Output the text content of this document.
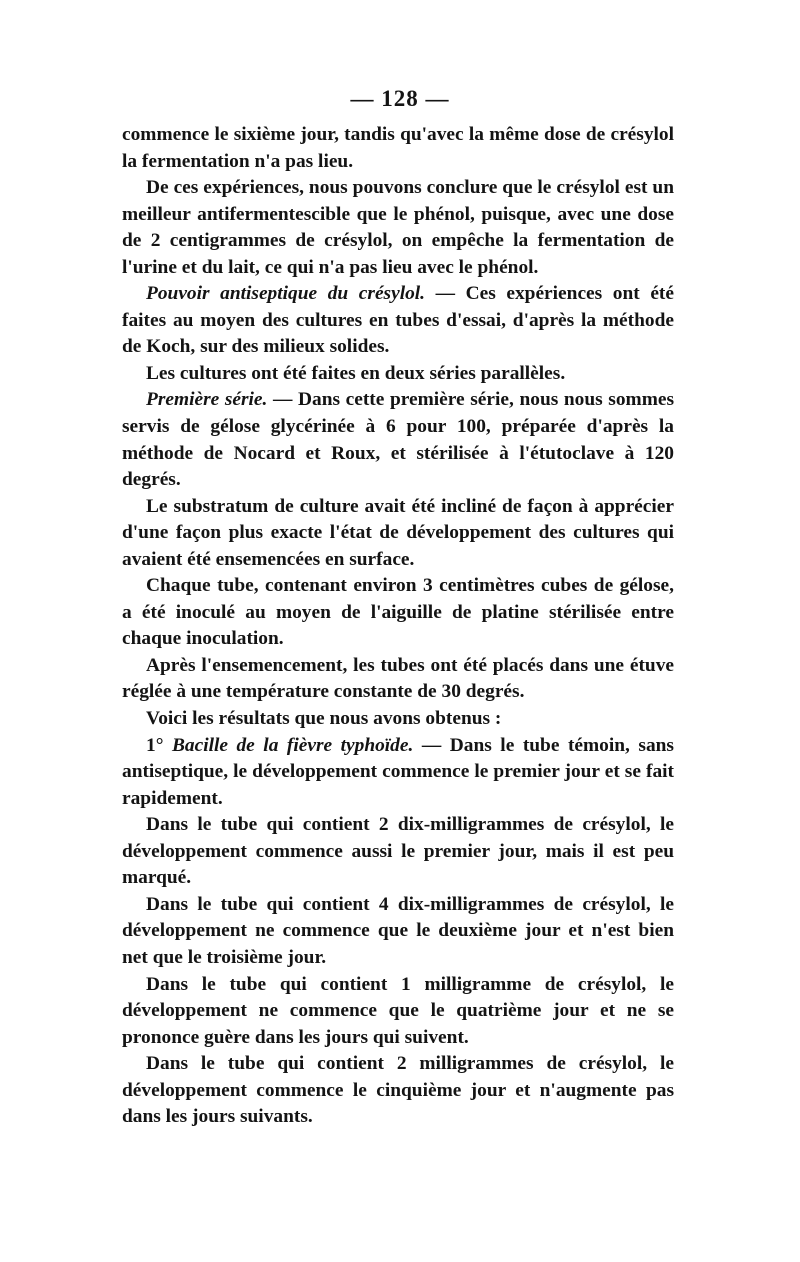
— 128 —

commence le sixième jour, tandis qu'avec la même dose de crésylol la fermentation n'a pas lieu.

De ces expériences, nous pouvons conclure que le crésylol est un meilleur antifermentescible que le phénol, puisque, avec une dose de 2 centigrammes de crésylol, on empêche la fermentation de l'urine et du lait, ce qui n'a pas lieu avec le phénol.

Pouvoir antiseptique du crésylol. — Ces expériences ont été faites au moyen des cultures en tubes d'essai, d'après la méthode de Koch, sur des milieux solides.

Les cultures ont été faites en deux séries parallèles.

Première série. — Dans cette première série, nous nous sommes servis de gélose glycérinée à 6 pour 100, préparée d'après la méthode de Nocard et Roux, et stérilisée à l'étutoclave à 120 degrés.

Le substratum de culture avait été incliné de façon à apprécier d'une façon plus exacte l'état de développement des cultures qui avaient été ensemencées en surface.

Chaque tube, contenant environ 3 centimètres cubes de gélose, a été inoculé au moyen de l'aiguille de platine stérilisée entre chaque inoculation.

Après l'ensemencement, les tubes ont été placés dans une étuve réglée à une température constante de 30 degrés.

Voici les résultats que nous avons obtenus :

1° Bacille de la fièvre typhoïde. — Dans le tube témoin, sans antiseptique, le développement commence le premier jour et se fait rapidement.

Dans le tube qui contient 2 dix-milligrammes de crésylol, le développement commence aussi le premier jour, mais il est peu marqué.

Dans le tube qui contient 4 dix-milligrammes de crésylol, le développement ne commence que le deuxième jour et n'est bien net que le troisième jour.

Dans le tube qui contient 1 milligramme de crésylol, le développement ne commence que le quatrième jour et ne se prononce guère dans les jours qui suivent.

Dans le tube qui contient 2 milligrammes de crésylol, le développement commence le cinquième jour et n'augmente pas dans les jours suivants.
